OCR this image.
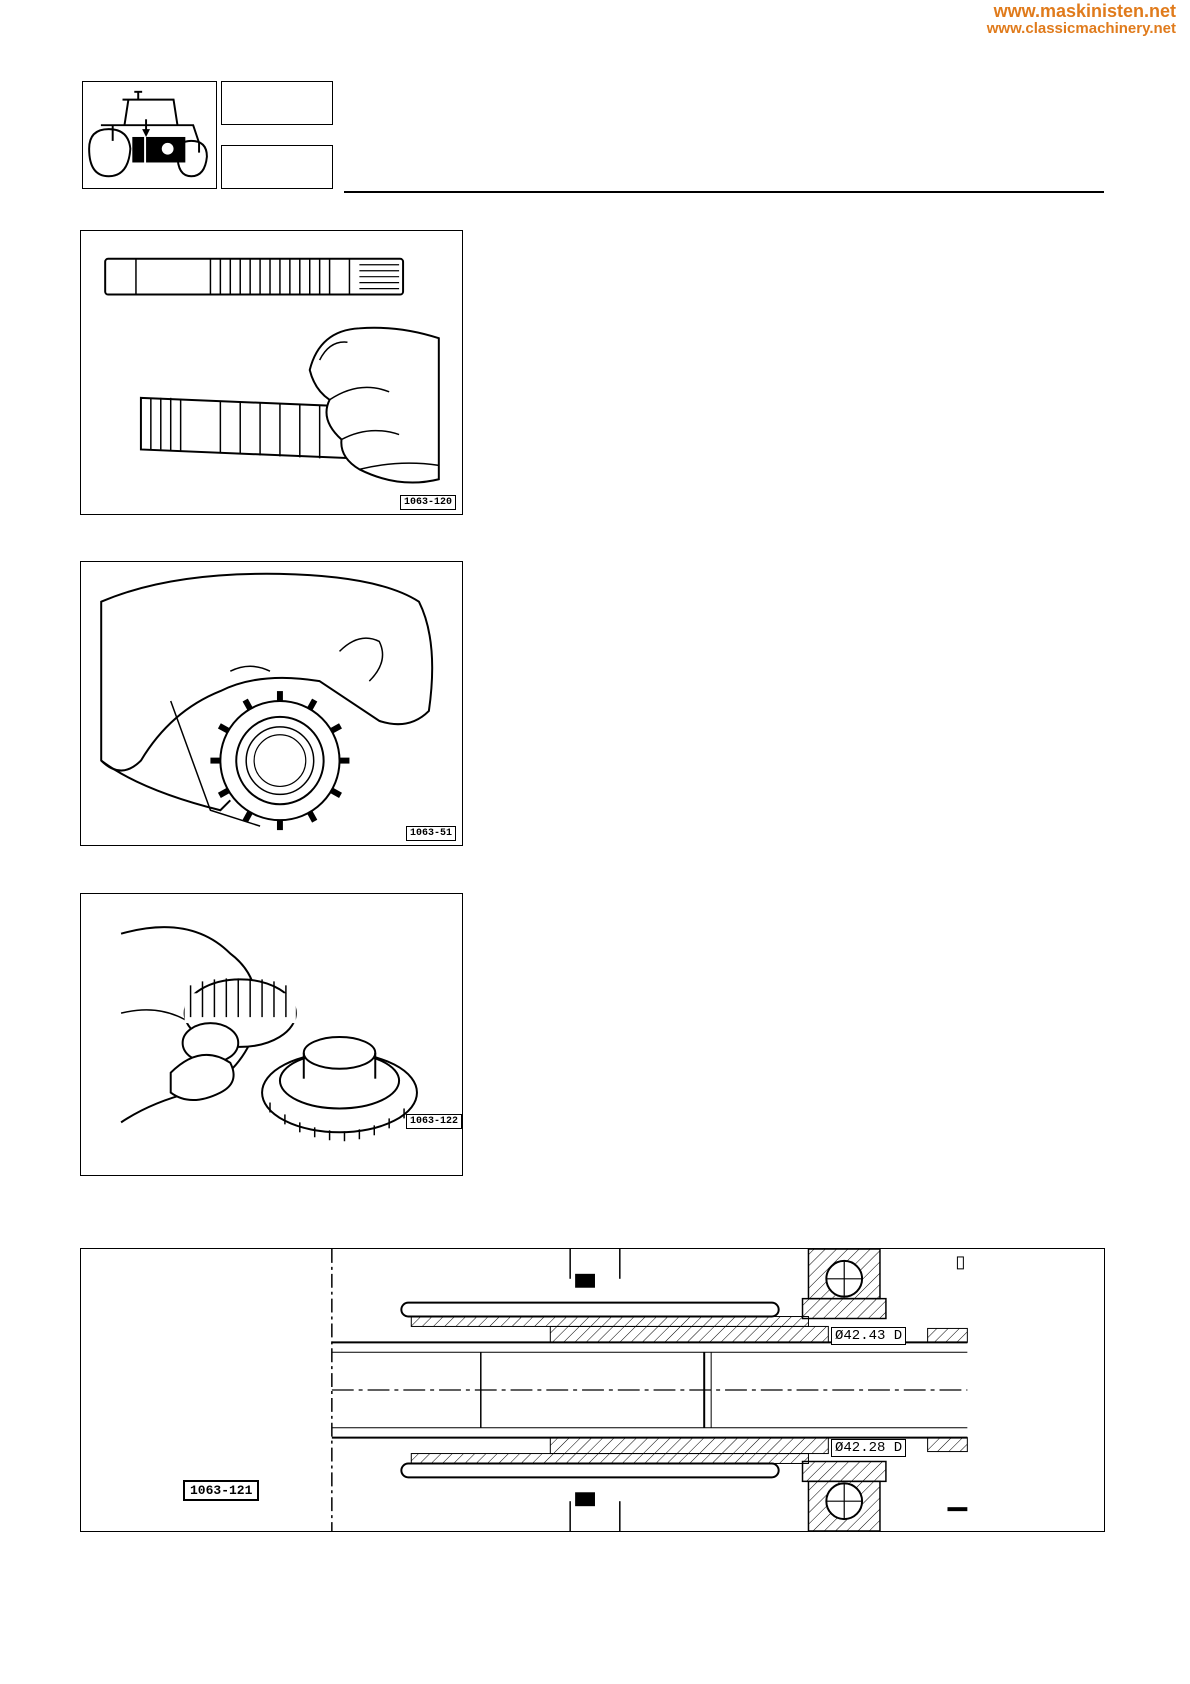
www.maskinisten.net
www.classicmachinery.net
1063-120
1063-51
1063-122
1063-121
Ø42.43 D
Ø42.28 D
